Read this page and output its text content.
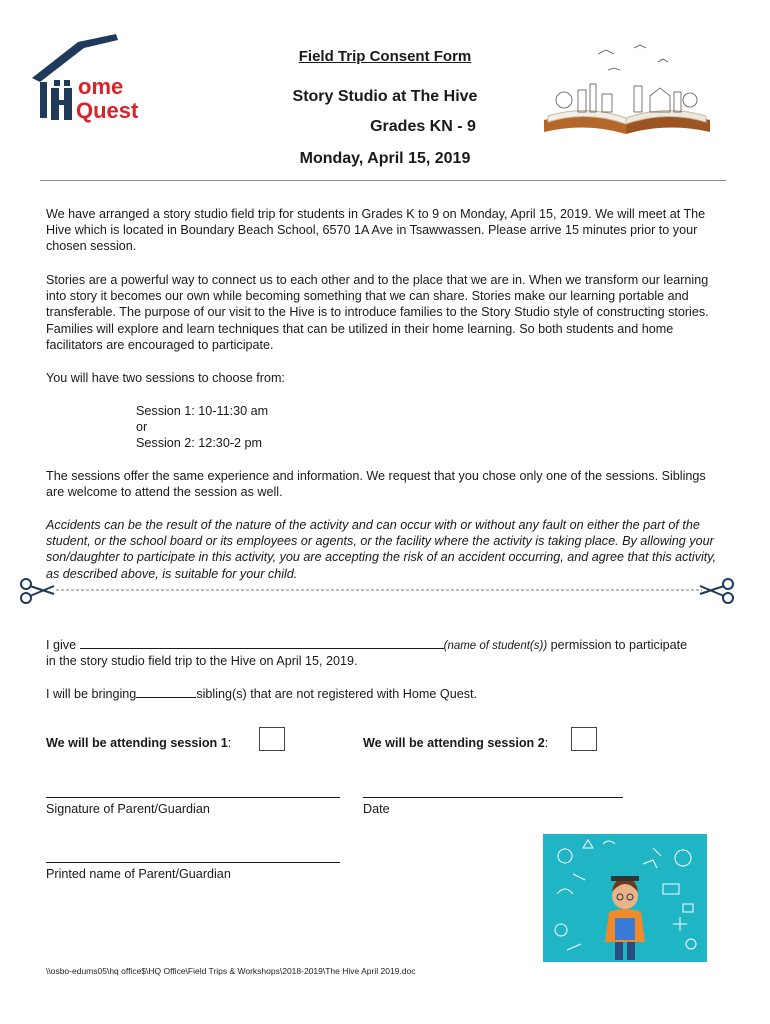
ome
Quest
Field Trip Consent Form
Story Studio at The Hive
Grades KN - 9
Monday, April 15, 2019
We have arranged a story studio field trip for students in Grades K to 9 on Monday, April 15, 2019. We will meet at The Hive which is located in Boundary Beach School, 6570 1A Ave in Tsawwassen. Please arrive 15 minutes prior to your chosen session.
Stories are a powerful way to connect us to each other and to the place that we are in. When we transform our learning into story it becomes our own while becoming something that we can share. Stories make our learning portable and transferable. The purpose of our visit to the Hive is to introduce families to the Story Studio style of constructing stories. Families will explore and learn techniques that can be utilized in their home learning. So both students and home facilitators are encouraged to participate.
You will have two sessions to choose from:
Session 1: 10-11:30 am
or
Session 2: 12:30-2 pm
The sessions offer the same experience and information. We request that you chose only one of the sessions. Siblings are welcome to attend the session as well.
Accidents can be the result of the nature of the activity and can occur with or without any fault on either the part of the student, or the school board or its employees or agents, or the facility where the activity is taking place. By allowing your son/daughter to participate in this activity, you are accepting the risk of an accident occurring, and agree that this activity, as described above, is suitable for your child.
I give	(name of student(s)) permission to participate
in the story studio field trip to the Hive on April 15, 2019.
I will be bringing	sibling(s) that are not registered with Home Quest.
We will be attending session 1:	We will be attending session 2:
Signature of Parent/Guardian	Date
Printed name of Parent/Guardian
\\osbo-edums05\hq office$\HQ Office\Field Trips & Workshops\2018-2019\The Hive April 2019.doc
